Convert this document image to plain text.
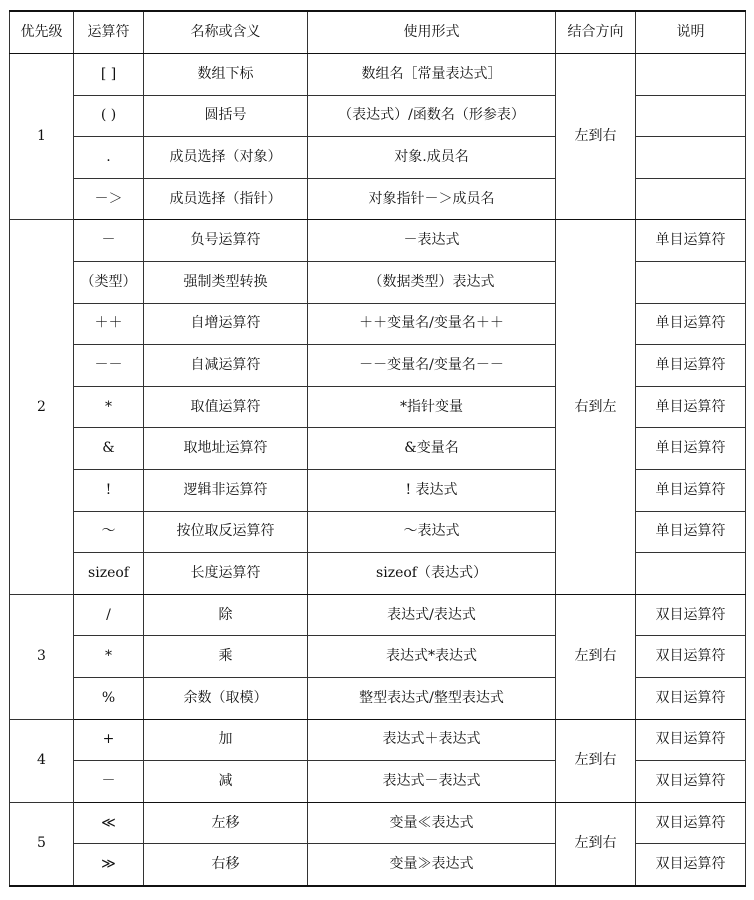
优先级	运算符	名称或含义	使用形式	结合方向	说明
1	[ ]	数组下标	数组名［常量表达式］	左到右	
	( )	圆括号	（表达式）/函数名（形参表）		
	.	成员选择（对象）	对象.成员名		
	－＞	成员选择（指针）	对象指针－＞成员名		
2	－	负号运算符	－表达式	右到左	单目运算符
	（类型）	强制类型转换	（数据类型）表达式		
	＋＋	自增运算符	＋＋变量名/变量名＋＋		单目运算符
	－－	自减运算符	－－变量名/变量名－－		单目运算符
	*	取值运算符	*指针变量		单目运算符
	&	取地址运算符	&变量名		单目运算符
	!	逻辑非运算符	! 表达式		单目运算符
	～	按位取反运算符	～表达式		单目运算符
	sizeof	长度运算符	sizeof（表达式）		
3	/	除	表达式/表达式	左到右	双目运算符
	*	乘	表达式*表达式		双目运算符
	%	余数（取模）	整型表达式/整型表达式		双目运算符
4	+	加	表达式＋表达式	左到右	双目运算符
	－	减	表达式－表达式		双目运算符
5	≪	左移	变量≪表达式	左到右	双目运算符
	≫	右移	变量≫表达式		双目运算符
